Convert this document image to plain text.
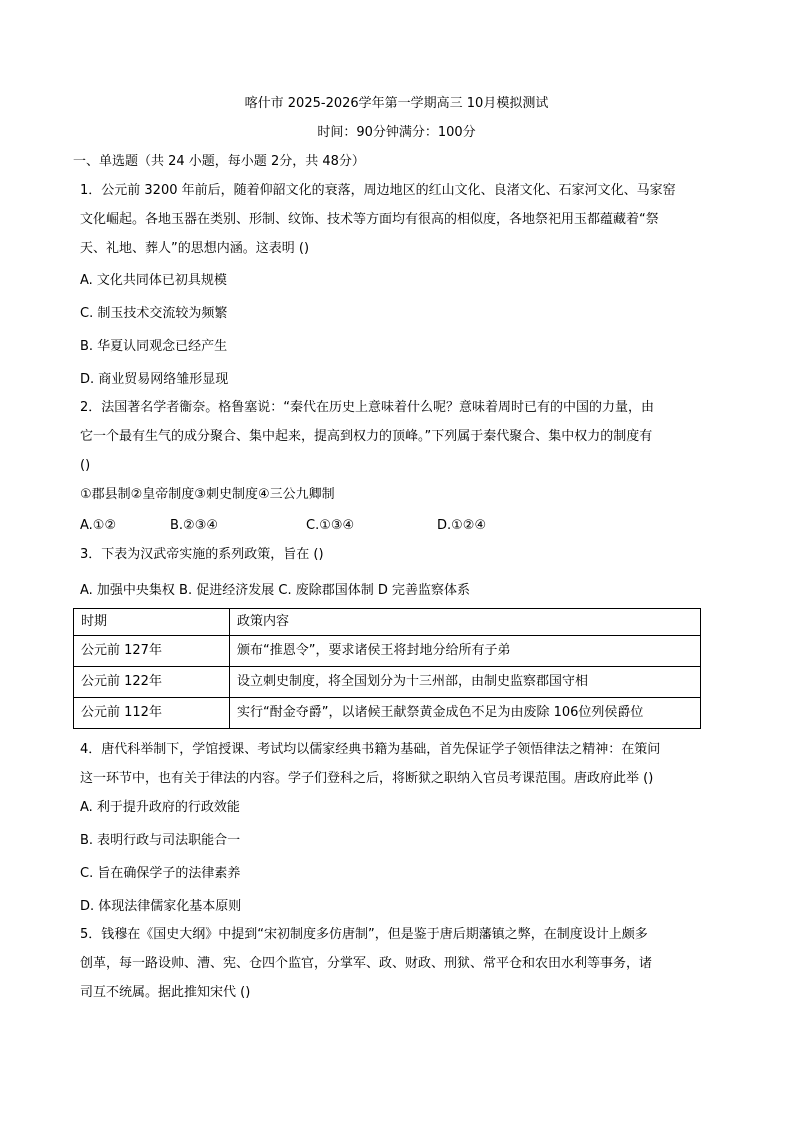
喀什市 2025-2026学年第一学期高三 10月模拟测试
时间：90分钟满分：100分
一、单选题（共 24 小题，每小题 2分，共 48分）
1．公元前 3200 年前后，随着仰韶文化的衰落，周边地区的红山文化、良渚文化、石家河文化、马家窑
文化崛起。各地玉器在类别、形制、纹饰、技术等方面均有很高的相似度，各地祭祀用玉都蕴藏着“祭
天、礼地、葬人”的思想内涵。这表明 ()
A. 文化共同体已初具规模
C. 制玉技术交流较为频繁
B. 华夏认同观念已经产生
D. 商业贸易网络雏形显现
2．法国著名学者衞奈。格鲁塞说：“秦代在历史上意味着什么呢？意味着周时已有的中国的力量，由
它一个最有生气的成分聚合、集中起来，提高到权力的顶峰。”下列属于秦代聚合、集中权力的制度有
()
①郡县制②皇帝制度③刺史制度④三公九卿制
A.①②	B.②③④	C.①③④	D.①②④
3．下表为汉武帝实施的系列政策，旨在 ()
A. 加强中央集权 B. 促进经济发展 C. 废除郡国体制 D 完善监察体系
时期	政策内容
公元前 127年	颁布“推恩令”，要求诸侯王将封地分给所有子弟
公元前 122年	设立刺史制度，将全国划分为十三州部，由制史监察郡国守相
公元前 112年	实行“酎金夺爵”，以诸候王献祭黄金成色不足为由废除 106位列侯爵位
4．唐代科举制下，学馆授课、考试均以儒家经典书籍为基础，首先保证学子领悟律法之精神：在策问
这一环节中，也有关于律法的内容。学子们登科之后，将断狱之职纳入官员考课范围。唐政府此举 ()
A. 利于提升政府的行政效能
B. 表明行政与司法职能合一
C. 旨在确保学子的法律素养
D. 体现法律儒家化基本原则
5．钱穆在《国史大纲》中提到“宋初制度多仿唐制”，但是鉴于唐后期藩镇之弊，在制度设计上颇多
创革，每一路设帅、漕、宪、仓四个监官，分掌军、政、财政、刑狱、常平仓和农田水利等事务，诸
司互不统属。据此推知宋代 ()
